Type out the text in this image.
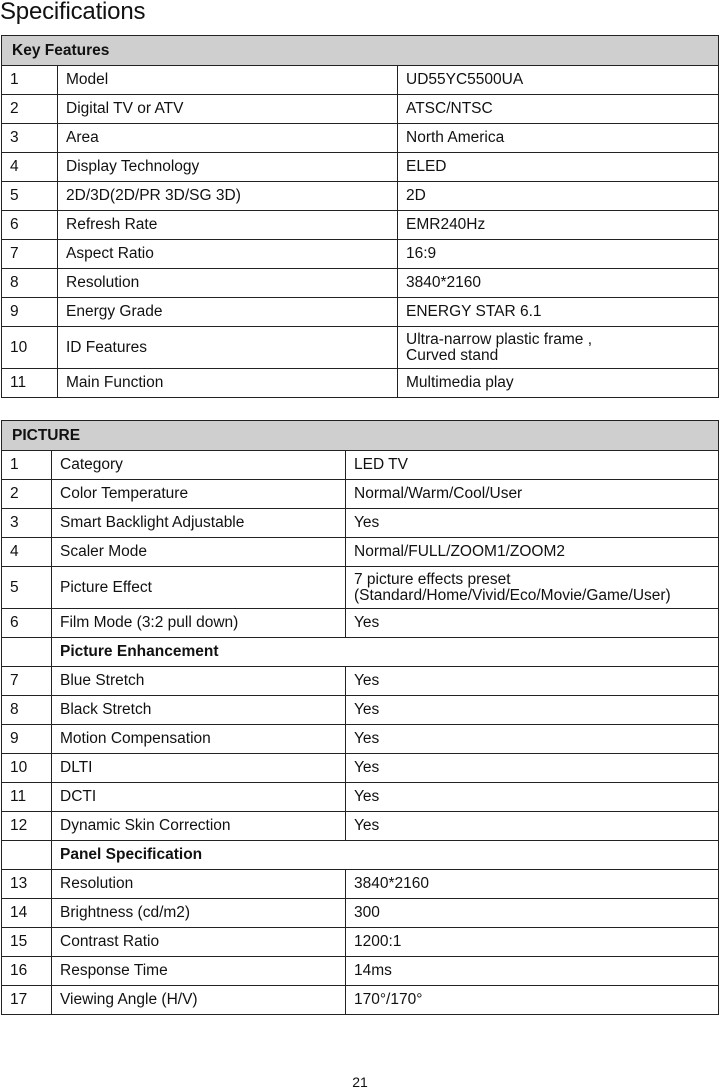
Specifications
Key Features		
1	Model	UD55YC5500UA
2	Digital TV or ATV	ATSC/NTSC
3	Area	North America
4	Display Technology	ELED
5	2D/3D(2D/PR 3D/SG 3D)	2D
6	Refresh Rate	EMR240Hz
7	Aspect Ratio	16:9
8	Resolution	3840*2160
9	Energy Grade	ENERGY STAR 6.1
10	ID Features	Ultra-narrow plastic frame ,
Curved stand

11	Main Function	Multimedia play
PICTURE		
1	Category	LED TV
2	Color Temperature	Normal/Warm/Cool/User
3	Smart Backlight Adjustable	Yes
4	Scaler Mode	Normal/FULL/ZOOM1/ZOOM2
5	Picture Effect	7 picture effects preset
(Standard/Home/Vivid/Eco/Movie/Game/User)

6	Film Mode (3:2 pull down)	Yes
	Picture Enhancement	
7	Blue Stretch	Yes
8	Black Stretch	Yes
9	Motion Compensation	Yes
10	DLTI	Yes
11	DCTI	Yes
12	Dynamic Skin Correction	Yes
	Panel Specification	
13	Resolution	3840*2160
14	Brightness (cd/m2)	300
15	Contrast Ratio	1200:1
16	Response Time	14ms
17	Viewing Angle (H/V)	170°/170°
21
